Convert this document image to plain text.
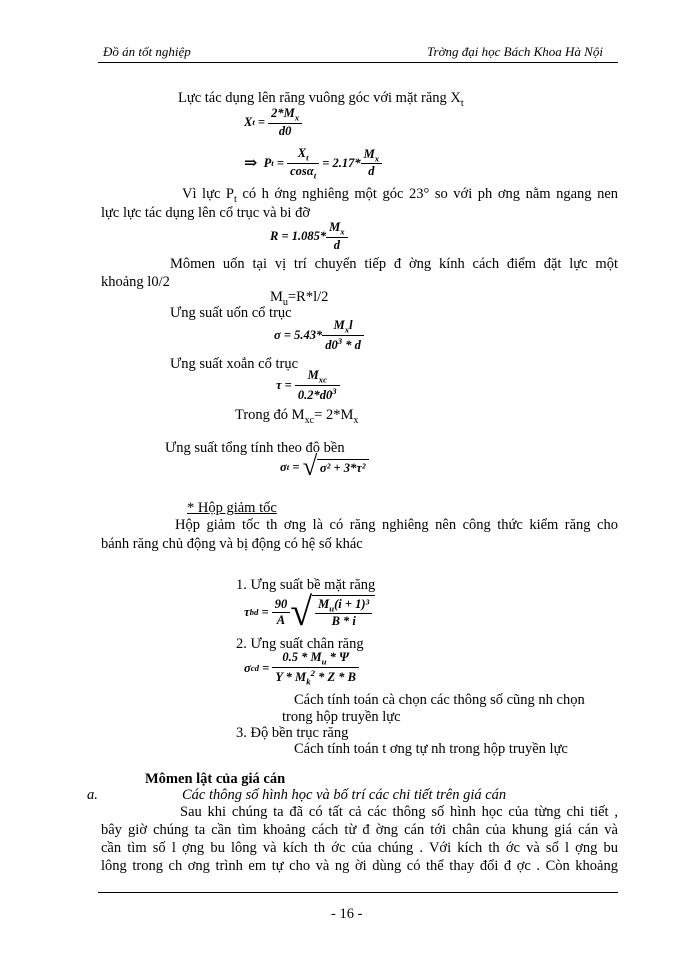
Đồ án tốt nghiệp	Trờng đại học Bách Khoa Hà Nội
Lực tác dụng lên răng vuông góc với mặt răng $X_t$
X t
=
$\frac{2*M_x}{d0}$
⇒
P $t = \frac{X_t}{\cos\alpha_t}$
= $2.17* \frac{M_x}{d}$
Vì lực $P_t$ có h ớng nghiêng một góc 23° so với ph ơng nằm ngang nen
lực lực tác dụng lên cổ trục và bi đỡ
$R = 1.085* \frac{M_x}{d}$
Mômen uốn tại vị trí chuyển tiếp đ ờng kính cách điểm đặt lực một
khoảng l0/2
$M_u=R*l/2$
Ưng suất uốn cổ trục
$\sigma = 5.43* \frac{M_xl}{d0^3 * d}$
Ưng suất xoắn cổ trục
τ =
$\frac{M_{xc}}{0.2*d0^3}$
Trong đó $M_{xc}= 2*M_x$
Ưng suất tổng tính theo độ bền
σ t
=
√ σ² + 3*τ²
* Hộp giảm tốc
Hộp giảm tốc th ơng là có răng nghiêng nên công thức kiểm răng cho
bánh răng chủ động và bị động có hệ số khác
1. Ưng suất bề mặt răng
τ bd = $\frac{90}{A}$ √ $\frac{M_u(i + 1)^3}{B * i}$
2. Ưng suất chân răng
σ cd = $\frac{0.5 * M_u * \Psi}{Y * M_k^2 * Z * B}$
Cách tính toán cà chọn các thông số cũng nh chọn
trong hộp truyền lực
3. Độ bền trục răng
Cách tính toán t ơng tự nh trong hộp truyền lực
Mômen lật của giá cán
a.	Các thông số hình học và bố trí các chi tiết trên giá cán
Sau khi chúng ta đã có tất cả các thông số hình học của từng chi tiết ,
bây giờ chúng ta cần tìm khoảng cách từ đ ờng cán tới chân của khung giá cán và
cần tìm số l ợng bu lông và kích th ớc của chúng . Với kích th ớc và số l ợng bu
lông trong ch ơng trình em tự cho và ng ời dùng có thể thay đổi đ ợc . Còn khoảng
- 16 -
